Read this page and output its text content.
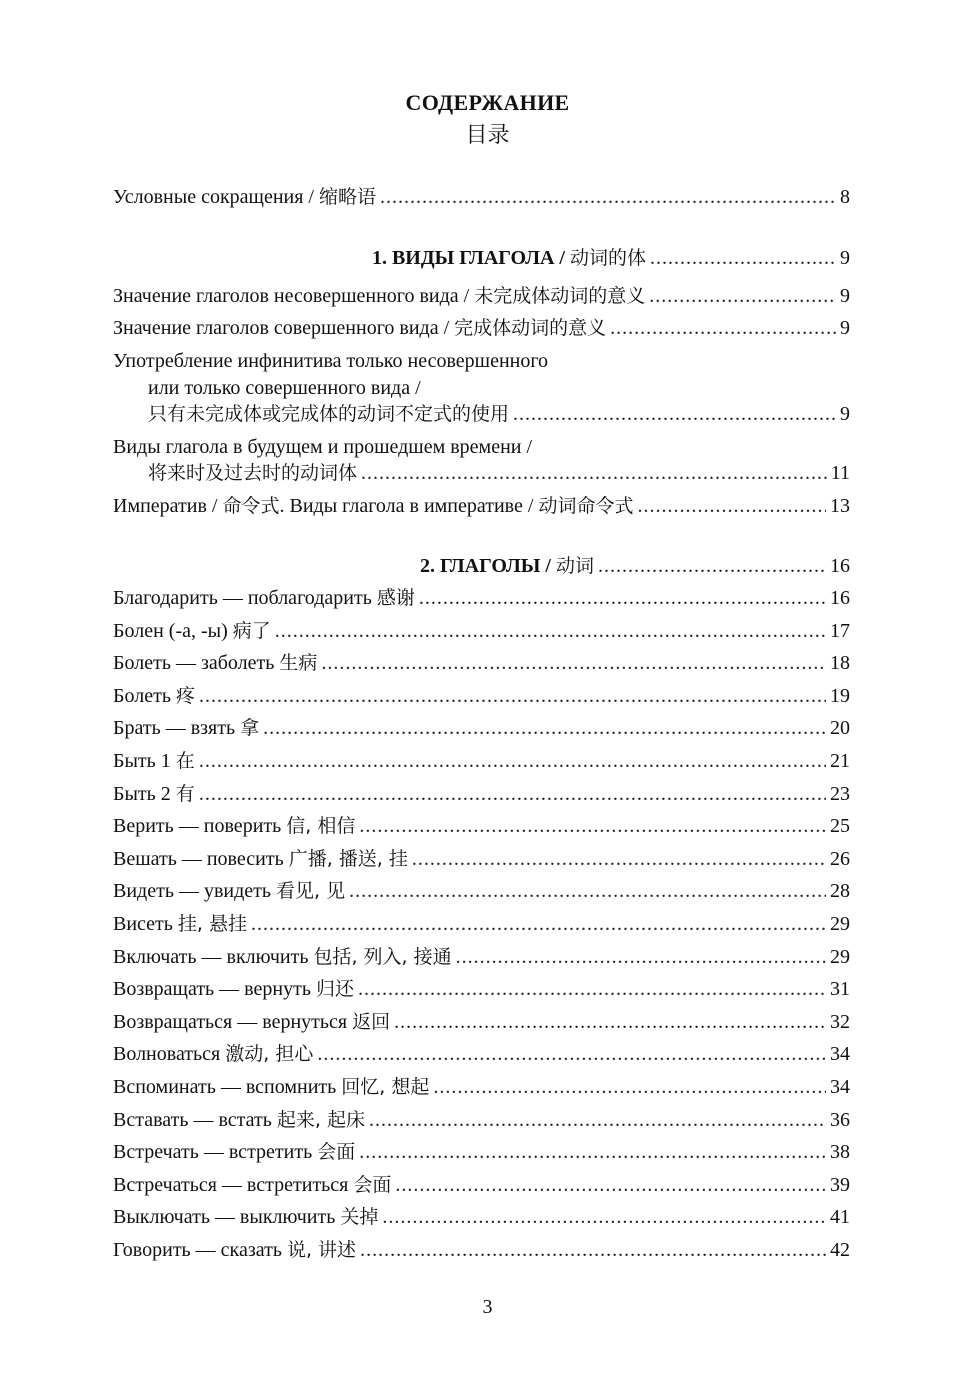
СОДЕРЖАНИЕ
目录
Условные сокращения / 缩略语 .....	8
1. ВИДЫ ГЛАГОЛА / 动词的体 .....	9
Значение глаголов несовершенного вида / 未完成体动词的意义 .....	9
Значение глаголов совершенного вида / 完成体动词的意义 .....	9
Употребление инфинитива только несовершенного
или только совершенного вида /
只有未完成体或完成体的动词不定式的使用 .....	9
Виды глагола в будущем и прошедшем времени /
将来时及过去时的动词体 .....	11
Императив / 命令式. Виды глагола в императиве / 动词命令式 .....	13
2. ГЛАГОЛЫ / 动词 .....	16
Благодарить — поблагодарить 感谢 .....	16
Болен (-а, -ы) 病了 .....	17
Болеть — заболеть 生病 .....	18
Болеть 疼 .....	19
Брать — взять 拿 .....	20
Быть 1 在 .....	21
Быть 2 有 .....	23
Верить — поверить 信, 相信 .....	25
Вешать — повесить 广播, 播送, 挂 .....	26
Видеть — увидеть 看见, 见 .....	28
Висеть 挂, 悬挂 .....	29
Включать — включить 包括, 列入, 接通 .....	29
Возвращать — вернуть 归还 .....	31
Возвращаться — вернуться 返回 .....	32
Волноваться 激动, 担心 .....	34
Вспоминать — вспомнить 回忆, 想起 .....	34
Вставать — встать 起来, 起床 .....	36
Встречать — встретить 会面 .....	38
Встречаться — встретиться 会面 .....	39
Выключать — выключить 关掉 .....	41
Говорить — сказать 说, 讲述 .....	42
3
